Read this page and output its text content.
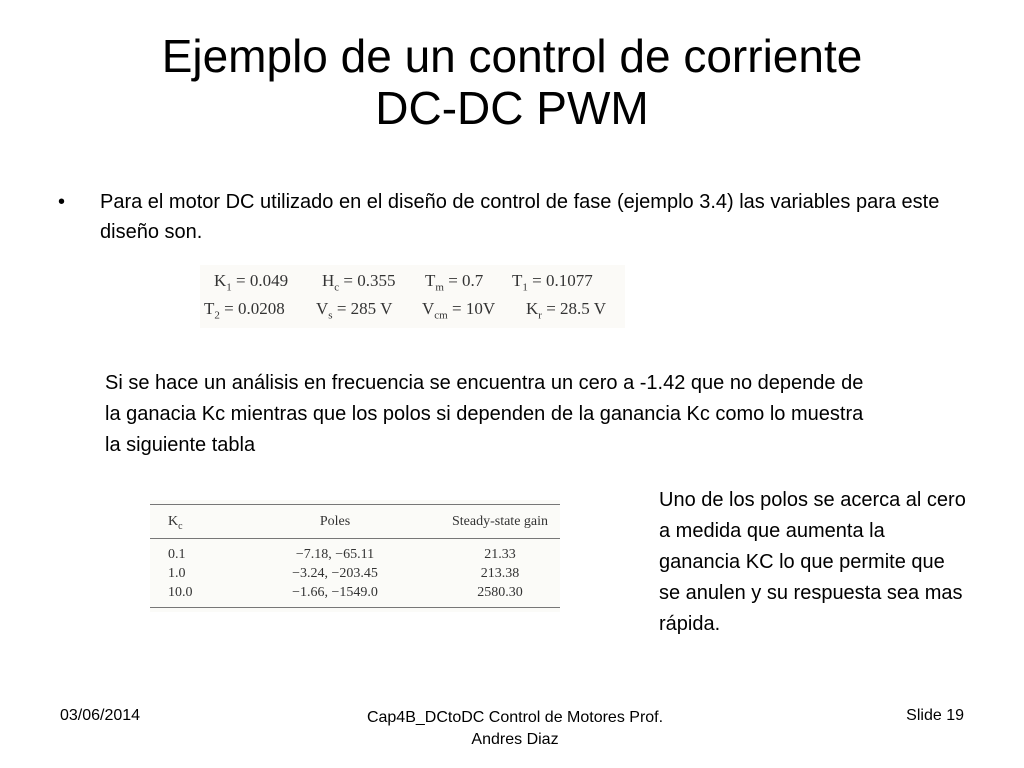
Ejemplo de un control de corriente
DC-DC PWM
• Para el motor DC utilizado en el diseño de control de fase (ejemplo 3.4) las variables para este diseño son.
$K_1 = 0.049$ $H_c = 0.355$ $T_m = 0.7$ $T_1 = 0.1077$
$T_2 = 0.0208$ $V_s = 285$ V $V_{cm} = 10V$ $K_r = 28.5$ V
Si se hace un análisis en frecuencia se encuentra un cero a -1.42 que no depende de la ganacia Kc mientras que los polos si dependen de la ganancia Kc como lo muestra la siguiente tabla
$K_c$	Poles	Steady-state gain
0.1	−7.18, −65.11	21.33
1.0	−3.24, −203.45	213.38
10.0	−1.66, −1549.0	2580.30
Uno de los polos se acerca al cero a medida que aumenta la ganancia KC lo que permite que se anulen y su respuesta sea mas rápida.
03/06/2014	Cap4B_DCtoDC Control de Motores Prof. Andres Diaz
Slide 19
